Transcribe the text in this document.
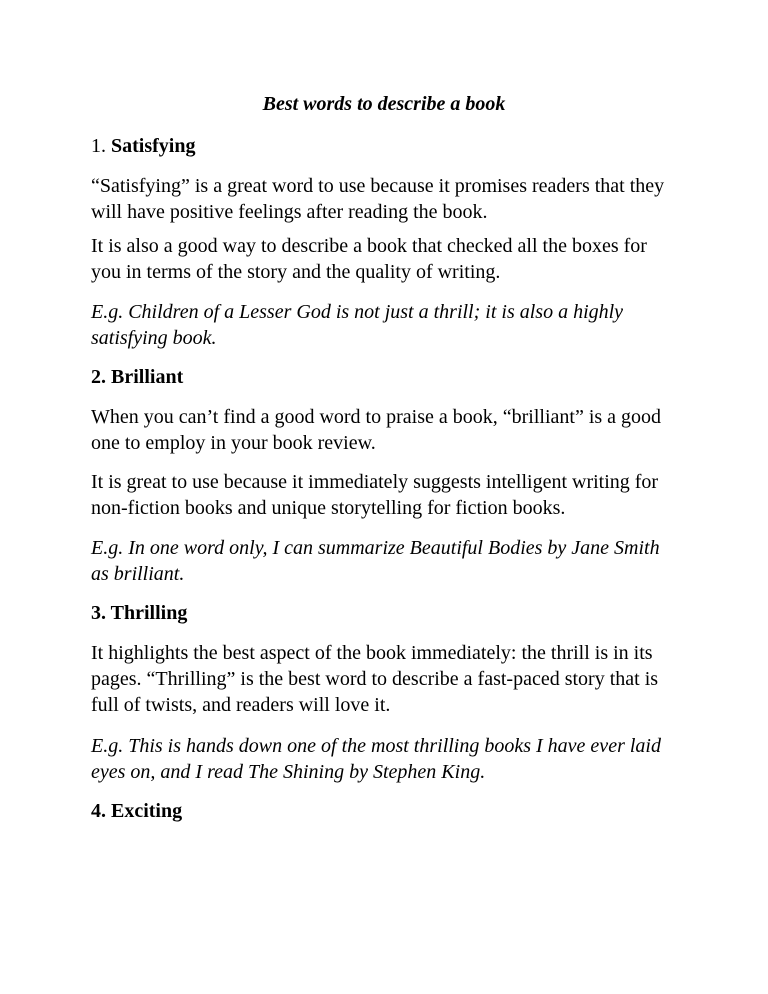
Best words to describe a book

1. Satisfying

“Satisfying” is a great word to use because it promises readers that they will have positive feelings after reading the book.

It is also a good way to describe a book that checked all the boxes for you in terms of the story and the quality of writing.

E.g. Children of a Lesser God is not just a thrill; it is also a highly satisfying book.

2. Brilliant

When you can’t find a good word to praise a book, “brilliant” is a good one to employ in your book review.

It is great to use because it immediately suggests intelligent writing for non-fiction books and unique storytelling for fiction books.

E.g. In one word only, I can summarize Beautiful Bodies by Jane Smith as brilliant.

3. Thrilling

It highlights the best aspect of the book immediately: the thrill is in its pages. “Thrilling” is the best word to describe a fast-paced story that is full of twists, and readers will love it.

E.g. This is hands down one of the most thrilling books I have ever laid eyes on, and I read The Shining by Stephen King.

4. Exciting
